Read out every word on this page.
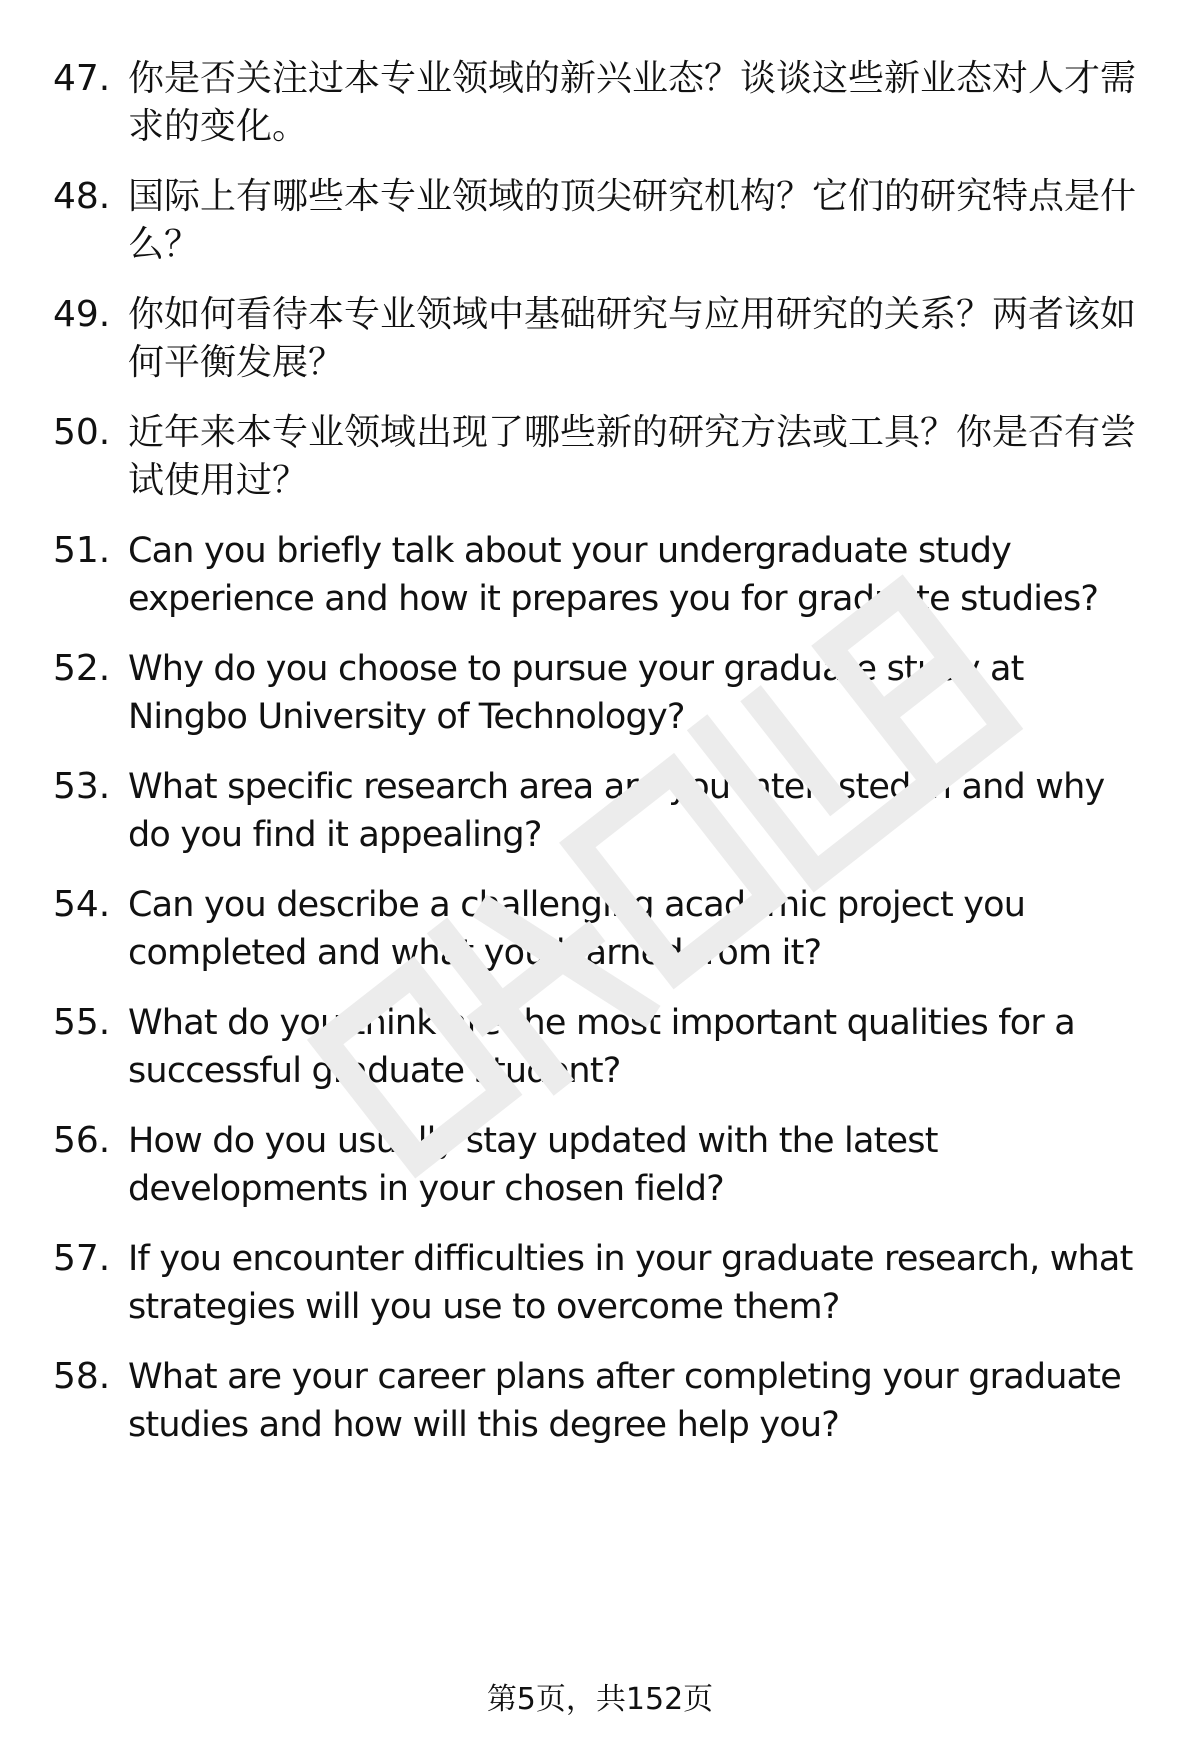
47. 你是否关注过本专业领域的新兴业态？谈谈这些新业态对人才需
求的变化。
48. 国际上有哪些本专业领域的顶尖研究机构？它们的研究特点是什
么？
49. 你如何看待本专业领域中基础研究与应用研究的关系？两者该如
何平衡发展？
50. 近年来本专业领域出现了哪些新的研究方法或工具？你是否有尝
试使用过？
51. Can you briefly talk about your undergraduate study
experience and how it prepares you for graduate studies?
52. Why do you choose to pursue your graduate study at
Ningbo University of Technology?
53. What specific research area are you interested in and why
do you find it appealing?
54. Can you describe a challenging academic project you
completed and what you learned from it?
55. What do you think are the most important qualities for a
successful graduate student?
56. How do you usually stay updated with the latest
developments in your chosen field?
57. If you encounter difficulties in your graduate research, what
strategies will you use to overcome them?
58. What are your career plans after completing your graduate
studies and how will this degree help you?
第5页，共152页
